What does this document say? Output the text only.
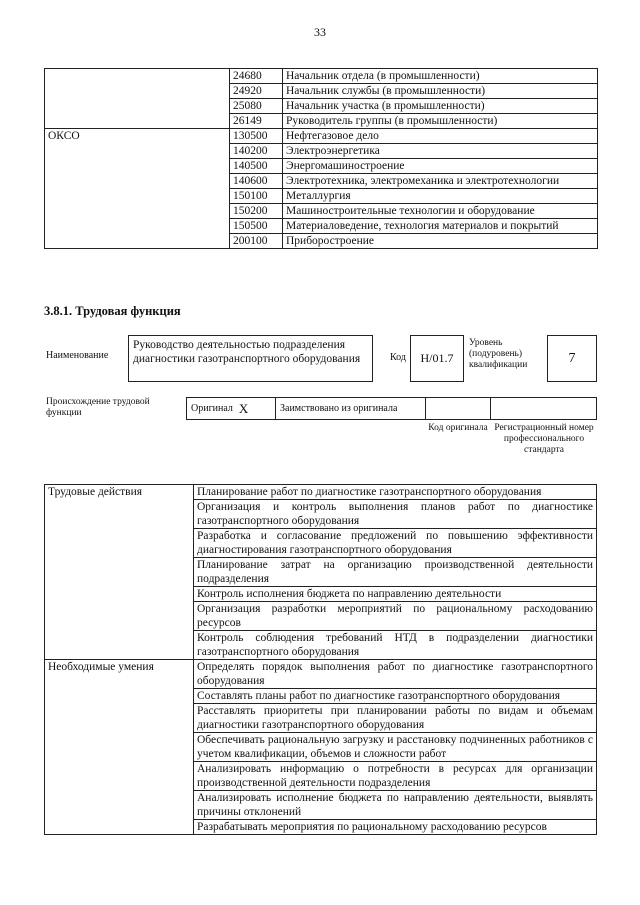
33
	24680	Начальник отдела (в промышленности)
	24920	Начальник службы (в промышленности)
	25080	Начальник участка (в промышленности)
	26149	Руководитель группы (в промышленности)
ОКСО	130500	Нефтегазовое дело
	140200	Электроэнергетика
	140500	Энергомашиностроение
	140600	Электротехника, электромеханика и электротехнологии
	150100	Металлургия
	150200	Машиностроительные технологии и оборудование
	150500	Материаловедение, технология материалов и покрытий
	200100	Приборостроение
3.8.1. Трудовая функция
Наименование
Руководство деятельностью подразделения диагностики газотранспортного оборудования	Код	H/01.7
Уровень (подуровень) квалификации	7
Происхождение трудовой функции	Оригинал X	Заимствовано из оригинала
Код оригинала Регистрационный номер профессионального стандарта
Трудовые действия	Планирование работ по диагностике газотранспортного оборудования
	Организация и контроль выполнения планов работ по диагностике газотранспортного оборудования
	Разработка и согласование предложений по повышению эффективности диагностирования газотранспортного оборудования
	Планирование затрат на организацию производственной деятельности подразделения
	Контроль исполнения бюджета по направлению деятельности
	Организация разработки мероприятий по рациональному расходованию ресурсов
	Контроль соблюдения требований НТД в подразделении диагностики газотранспортного оборудования
Необходимые умения	Определять порядок выполнения работ по диагностике газотранспортного оборудования
	Составлять планы работ по диагностике газотранспортного оборудования
	Расставлять приоритеты при планировании работы по видам и объемам диагностики газотранспортного оборудования
	Обеспечивать рациональную загрузку и расстановку подчиненных работников с учетом квалификации, объемов и сложности работ
	Анализировать информацию о потребности в ресурсах для организации производственной деятельности подразделения
	Анализировать исполнение бюджета по направлению деятельности, выявлять причины отклонений
	Разрабатывать мероприятия по рациональному расходованию ресурсов
